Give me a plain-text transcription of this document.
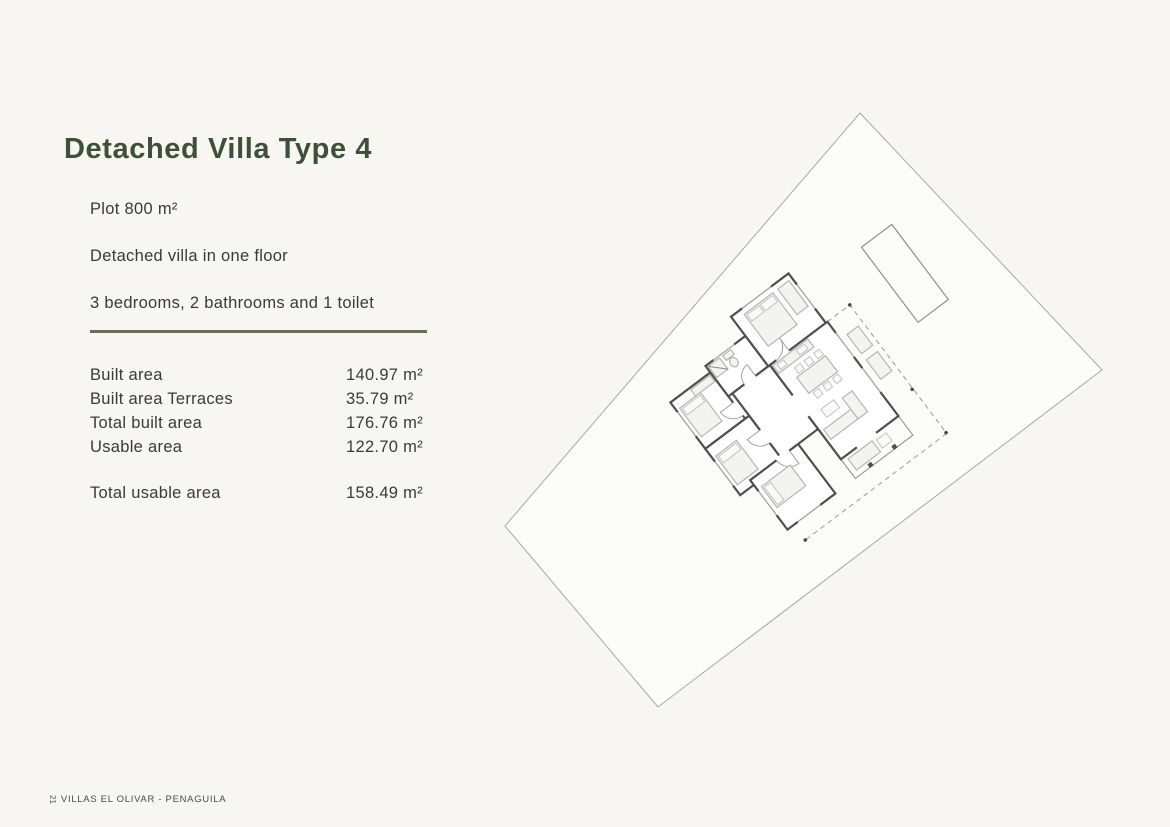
Detached Villa Type 4
Plot 800 m²
Detached villa in one floor
3 bedrooms, 2 bathrooms and 1 toilet
Built area	140.97 m²
Built area Terraces	35.79 m²
Total built area	176.76 m²
Usable area	122.70 m²
Total usable area	158.49 m²
21 VILLAS EL OLIVAR - PENAGUILA
